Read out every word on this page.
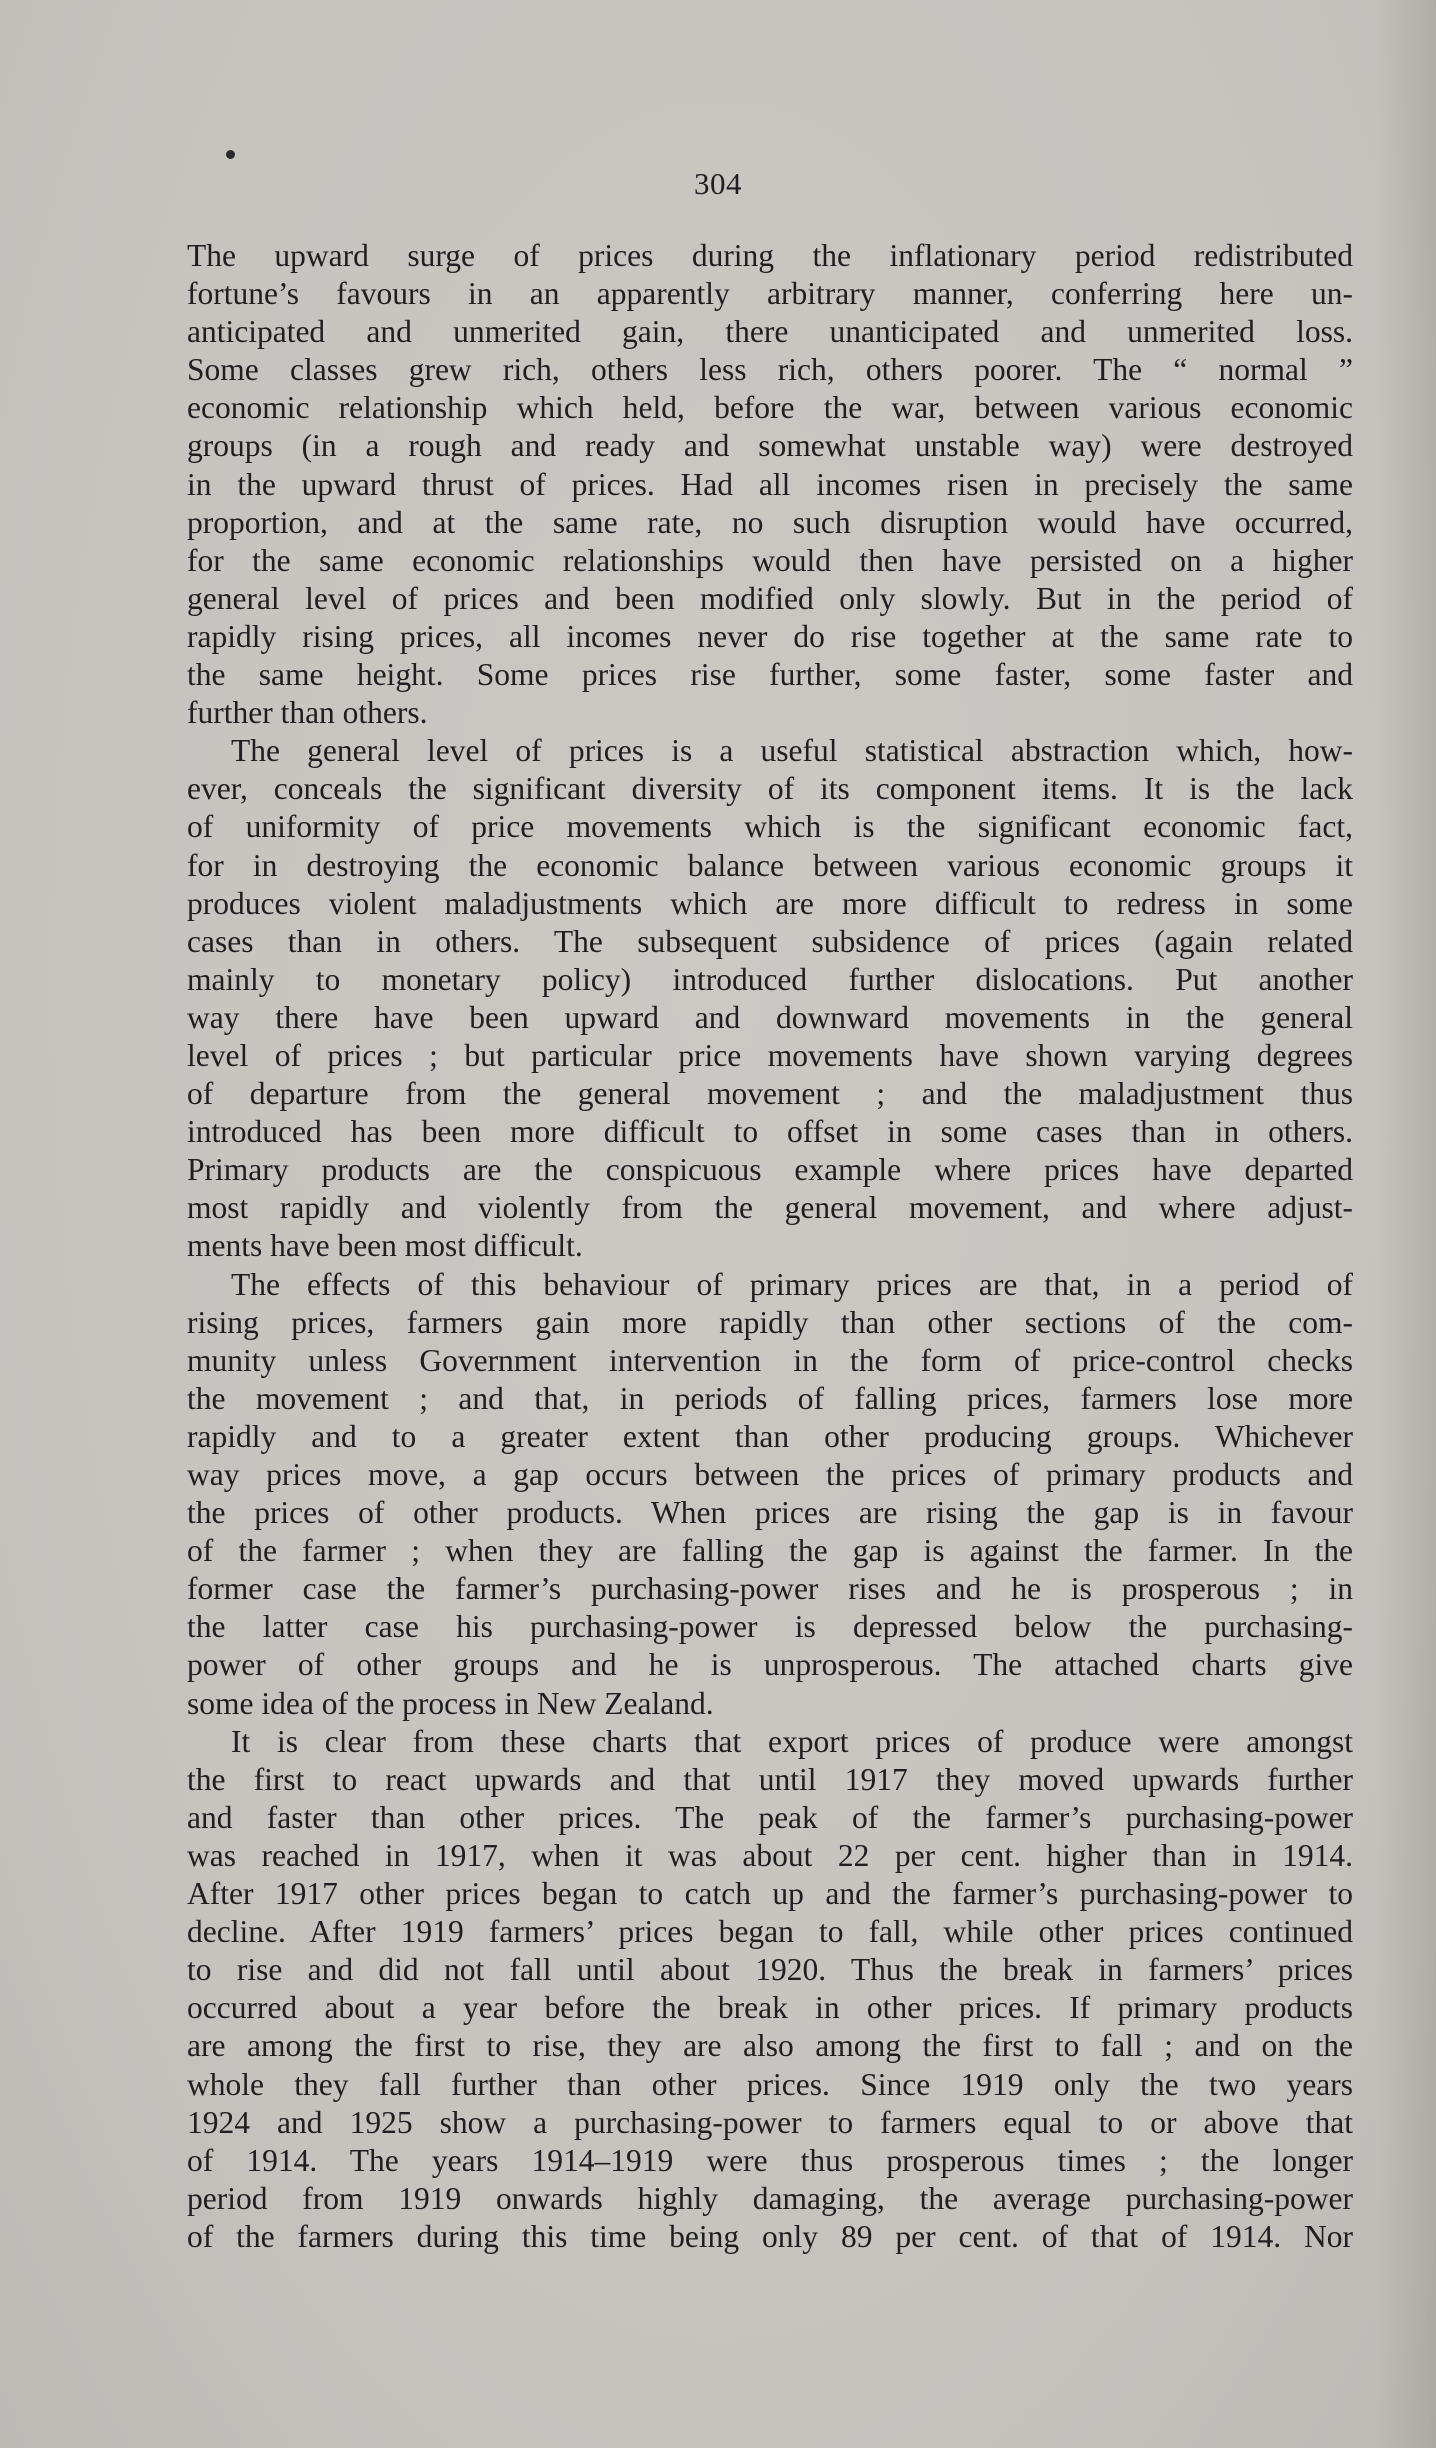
304
The upward surge of prices during the inflationary period redistributed
fortune’s favours in an apparently arbitrary manner, conferring here un-
anticipated and unmerited gain, there unanticipated and unmerited loss.
Some classes grew rich, others less rich, others poorer. The “ normal ”
economic relationship which held, before the war, between various economic
groups (in a rough and ready and somewhat unstable way) were destroyed
in the upward thrust of prices. Had all incomes risen in precisely the same
proportion, and at the same rate, no such disruption would have occurred,
for the same economic relationships would then have persisted on a higher
general level of prices and been modified only slowly. But in the period of
rapidly rising prices, all incomes never do rise together at the same rate to
the same height. Some prices rise further, some faster, some faster and
further than others.
The general level of prices is a useful statistical abstraction which, how-
ever, conceals the significant diversity of its component items. It is the lack
of uniformity of price movements which is the significant economic fact,
for in destroying the economic balance between various economic groups it
produces violent maladjustments which are more difficult to redress in some
cases than in others. The subsequent subsidence of prices (again related
mainly to monetary policy) introduced further dislocations. Put another
way there have been upward and downward movements in the general
level of prices ; but particular price movements have shown varying degrees
of departure from the general movement ; and the maladjustment thus
introduced has been more difficult to offset in some cases than in others.
Primary products are the conspicuous example where prices have departed
most rapidly and violently from the general movement, and where adjust-
ments have been most difficult.
The effects of this behaviour of primary prices are that, in a period of
rising prices, farmers gain more rapidly than other sections of the com-
munity unless Government intervention in the form of price-control checks
the movement ; and that, in periods of falling prices, farmers lose more
rapidly and to a greater extent than other producing groups. Whichever
way prices move, a gap occurs between the prices of primary products and
the prices of other products. When prices are rising the gap is in favour
of the farmer ; when they are falling the gap is against the farmer. In the
former case the farmer’s purchasing-power rises and he is prosperous ; in
the latter case his purchasing-power is depressed below the purchasing-
power of other groups and he is unprosperous. The attached charts give
some idea of the process in New Zealand.
It is clear from these charts that export prices of produce were amongst
the first to react upwards and that until 1917 they moved upwards further
and faster than other prices. The peak of the farmer’s purchasing-power
was reached in 1917, when it was about 22 per cent. higher than in 1914.
After 1917 other prices began to catch up and the farmer’s purchasing-power to
decline. After 1919 farmers’ prices began to fall, while other prices continued
to rise and did not fall until about 1920. Thus the break in farmers’ prices
occurred about a year before the break in other prices. If primary products
are among the first to rise, they are also among the first to fall ; and on the
whole they fall further than other prices. Since 1919 only the two years
1924 and 1925 show a purchasing-power to farmers equal to or above that
of 1914. The years 1914–1919 were thus prosperous times ; the longer
period from 1919 onwards highly damaging, the average purchasing-power
of the farmers during this time being only 89 per cent. of that of 1914. Nor
